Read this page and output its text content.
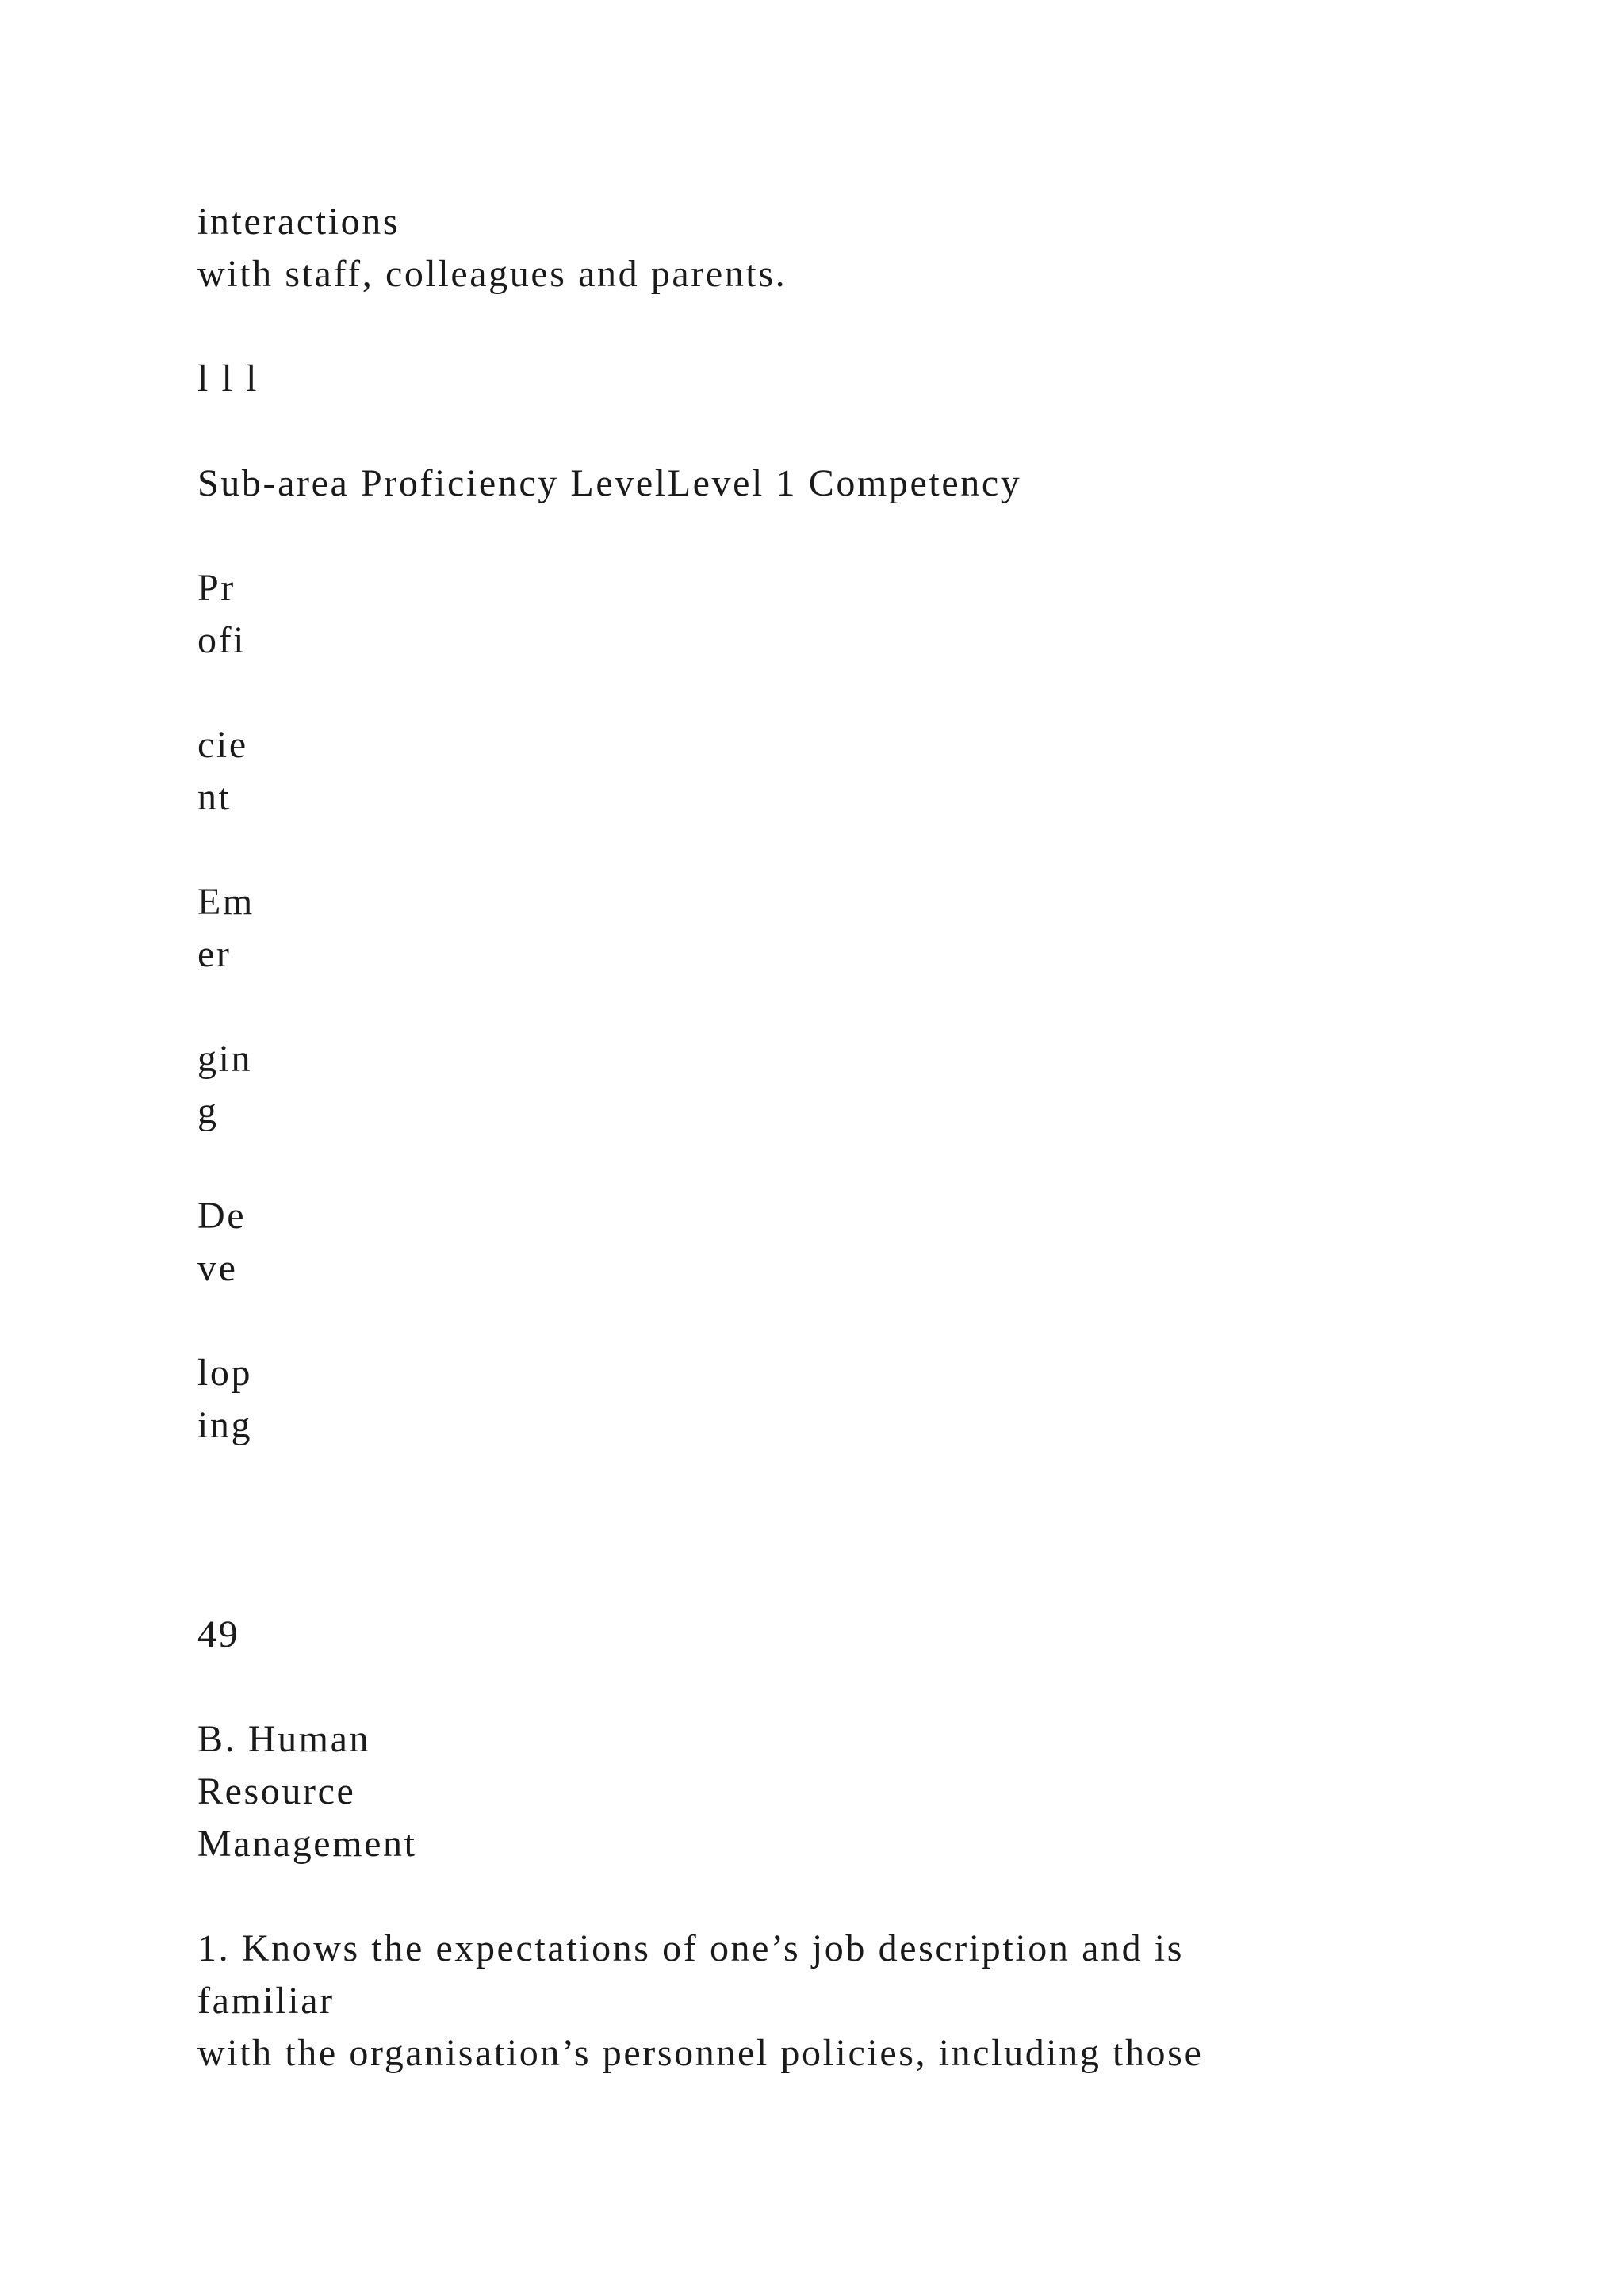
interactions
with staff, colleagues and parents.
l l l
Sub-area Proficiency LevelLevel 1 Competency
Pr
ofi
cie
nt
Em
er
gin
g
De
ve
lop
ing
49
B. Human
Resource
Management
1. Knows the expectations of one’s job description and is
familiar
with the organisation’s personnel policies, including those
